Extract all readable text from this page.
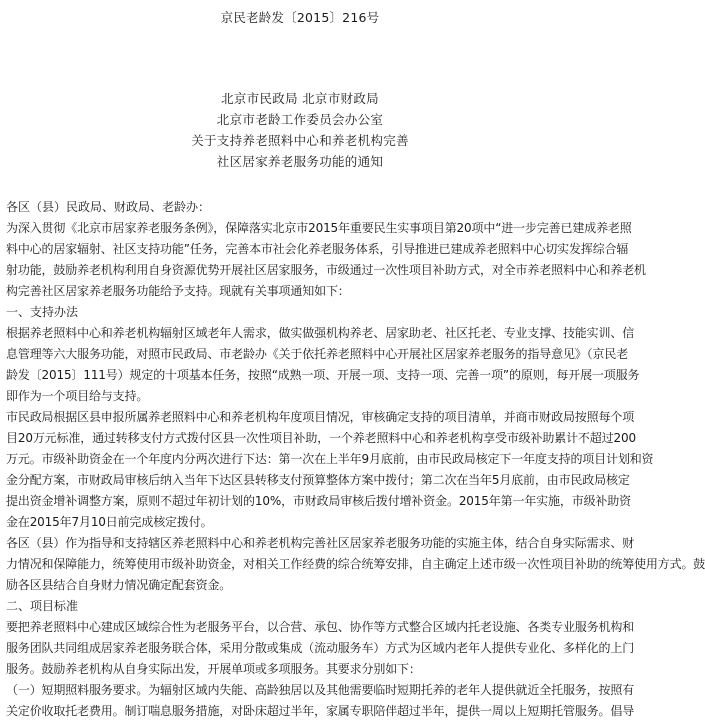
京民老龄发〔2015〕216号
北京市民政局 北京市财政局
北京市老龄工作委员会办公室
关于支持养老照料中心和养老机构完善
社区居家养老服务功能的通知
各区（县）民政局、财政局、老龄办：
为深入贯彻《北京市居家养老服务条例》，保障落实北京市2015年重要民生实事项目第20项中“进一步完善已建成养老照
料中心的居家辐射、社区支持功能”任务，完善本市社会化养老服务体系，引导推进已建成养老照料中心切实发挥综合辐
射功能，鼓励养老机构利用自身资源优势开展社区居家服务，市级通过一次性项目补助方式，对全市养老照料中心和养老机
构完善社区居家养老服务功能给予支持。现就有关事项通知如下：
一、支持办法
根据养老照料中心和养老机构辐射区域老年人需求，做实做强机构养老、居家助老、社区托老、专业支撑、技能实训、信
息管理等六大服务功能，对照市民政局、市老龄办《关于依托养老照料中心开展社区居家养老服务的指导意见》（京民老
龄发〔2015〕111号）规定的十项基本任务，按照“成熟一项、开展一项、支持一项、完善一项”的原则，每开展一项服务
即作为一个项目给与支持。
市民政局根据区县申报所属养老照料中心和养老机构年度项目情况，审核确定支持的项目清单，并商市财政局按照每个项
目20万元标准，通过转移支付方式拨付区县一次性项目补助，一个养老照料中心和养老机构享受市级补助累计不超过200
万元。市级补助资金在一个年度内分两次进行下达：第一次在上半年9月底前，由市民政局核定下一年度支持的项目计划和资
金分配方案，市财政局审核后纳入当年下达区县转移支付预算整体方案中拨付；第二次在当年5月底前，由市民政局核定
提出资金增补调整方案，原则不超过年初计划的10%，市财政局审核后拨付增补资金。2015年第一年实施，市级补助资
金在2015年7月10日前完成核定拨付。
各区（县）作为指导和支持辖区养老照料中心和养老机构完善社区居家养老服务功能的实施主体，结合自身实际需求、财
力情况和保障能力，统筹使用市级补助资金，对相关工作经费的综合统筹安排，自主确定上述市级一次性项目补助的统筹使用方式。鼓
励各区县结合自身财力情况确定配套资金。
二、项目标准
要把养老照料中心建成区域综合性为老服务平台，以合营、承包、协作等方式整合区域内托老设施、各类专业服务机构和
服务团队共同组成居家养老服务联合体，采用分散或集成（流动服务车）方式为区域内老年人提供专业化、多样化的上门
服务。鼓励养老机构从自身实际出发，开展单项或多项服务。其要求分别如下：
（一）短期照料服务要求。为辐射区域内失能、高龄独居以及其他需要临时短期托养的老年人提供就近全托服务，按照有
关定价收取托老费用。制订喘息服务措施，对卧床超过半年，家属专职陪伴超过半年，提供一周以上短期托管服务。倡导
